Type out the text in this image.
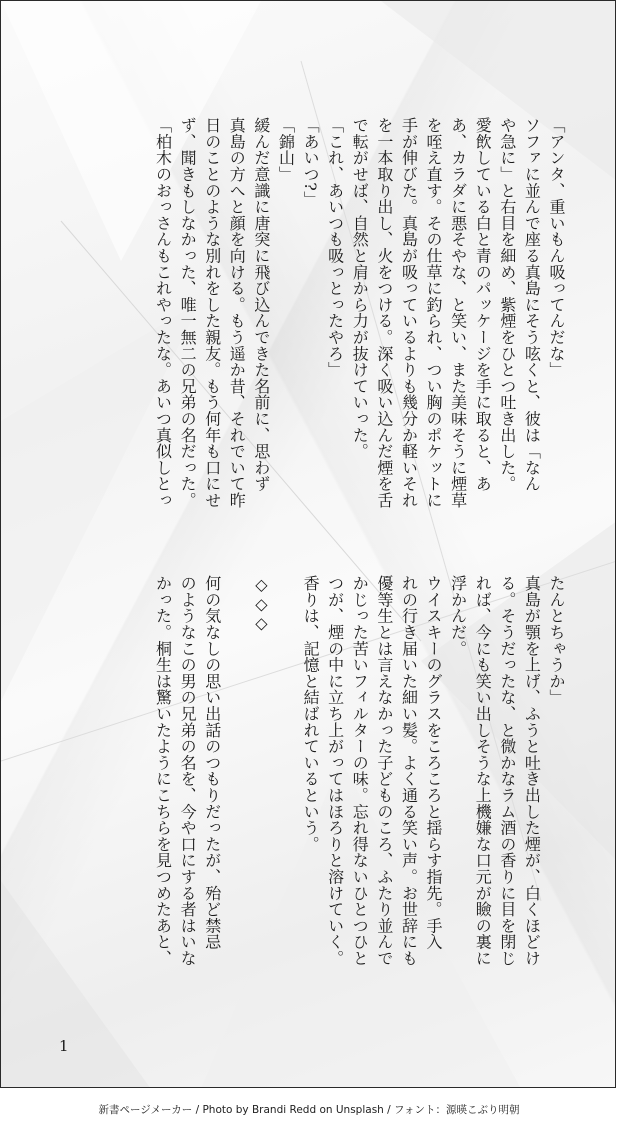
「アンタ、重いもん吸ってんだな」

ソファに並んで座る真島にそう呟くと、彼は「なん

や急に」と右目を細め、紫煙をひとつ吐き出した。

愛飲している白と青のパッケージを手に取ると、あ

あ、カラダに悪そやな、と笑い、また美味そうに煙草

を咥え直す。その仕草に釣られ、つい胸のポケットに

手が伸びた。真島が吸っているよりも幾分か軽いそれ

を一本取り出し、火をつける。深く吸い込んだ煙を舌

で転がせば、自然と肩から力が抜けていった。

「これ、あいつも吸っとったやろ」

「あいつ?」

「錦山」

緩んだ意識に唐突に飛び込んできた名前に、思わず

真島の方へと顔を向ける。もう遥か昔、それでいて昨

日のことのような別れをした親友。もう何年も口にせ

ず、聞きもしなかった、唯一無二の兄弟の名だった。

「柏木のおっさんもこれやったな。あいつ真似しとっ

たんとちゃうか」

真島が顎を上げ、ふうと吐き出した煙が、白くほどけ

る。そうだったな、と微かなラム酒の香りに目を閉じ

れば、今にも笑い出しそうな上機嫌な口元が瞼の裏に

浮かんだ。

ウイスキーのグラスをころころと揺らす指先。手入

れの行き届いた細い髪。よく通る笑い声。お世辞にも

優等生とは言えなかった子どものころ、ふたり並んで

かじった苦いフィルターの味。忘れ得ないひとつひと

つが、煙の中に立ち上がってはほろりと溶けていく。

香りは、記憶と結ばれているという。

◇◇◇

何の気なしの思い出話のつもりだったが、殆ど禁忌

のようなこの男の兄弟の名を、今や口にする者はいな

かった。桐生は驚いたようにこちらを見つめたあと、

1
新書ページメーカー / Photo by Brandi Redd on Unsplash / フォント：源暎こぶり明朝
